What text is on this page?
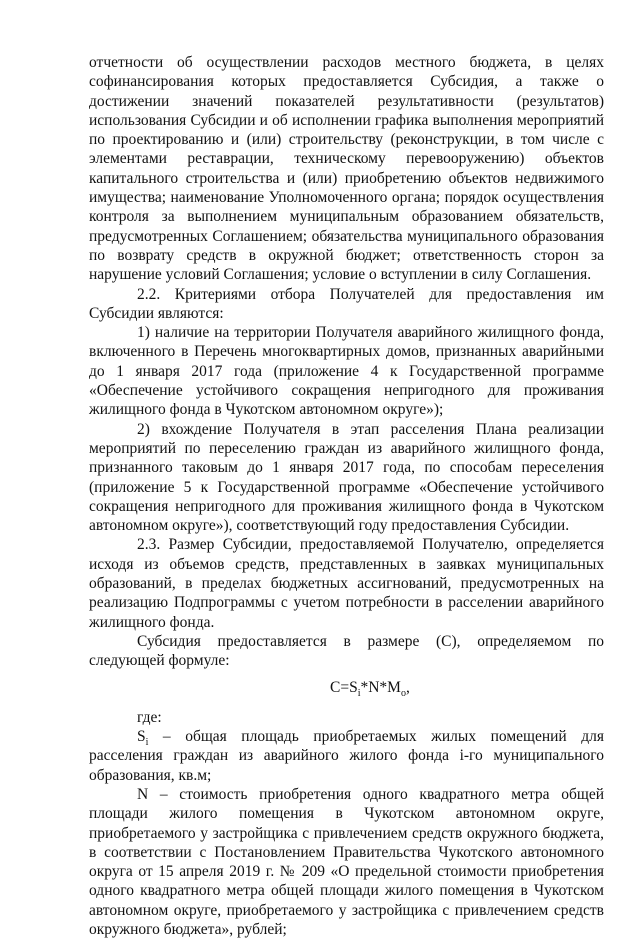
отчетности об осуществлении расходов местного бюджета, в целях софинансирования которых предоставляется Субсидия, а также о достижении значений показателей результативности (результатов) использования Субсидии и об исполнении графика выполнения мероприятий по проектированию и (или) строительству (реконструкции, в том числе с элементами реставрации, техническому перевооружению) объектов капитального строительства и (или) приобретению объектов недвижимого имущества; наименование Уполномоченного органа; порядок осуществления контроля за выполнением муниципальным образованием обязательств, предусмотренных Соглашением; обязательства муниципального образования по возврату средств в окружной бюджет; ответственность сторон за нарушение условий Соглашения; условие о вступлении в силу Соглашения.

2.2. Критериями отбора Получателей для предоставления им Субсидии являются:

1) наличие на территории Получателя аварийного жилищного фонда, включенного в Перечень многоквартирных домов, признанных аварийными до 1 января 2017 года (приложение 4 к Государственной программе «Обеспечение устойчивого сокращения непригодного для проживания жилищного фонда в Чукотском автономном округе»);

2) вхождение Получателя в этап расселения Плана реализации мероприятий по переселению граждан из аварийного жилищного фонда, признанного таковым до 1 января 2017 года, по способам переселения (приложение 5 к Государственной программе «Обеспечение устойчивого сокращения непригодного для проживания жилищного фонда в Чукотском автономном округе»), соответствующий году предоставления Субсидии.

2.3. Размер Субсидии, предоставляемой Получателю, определяется исходя из объемов средств, представленных в заявках муниципальных образований, в пределах бюджетных ассигнований, предусмотренных на реализацию Подпрограммы с учетом потребности в расселении аварийного жилищного фонда.

Субсидия предоставляется в размере (С), определяемом по следующей формуле:

$C=S_i*N*M_o$,

где:

$S_i$ – общая площадь приобретаемых жилых помещений для расселения граждан из аварийного жилого фонда i-го муниципального образования, кв.м;

N – стоимость приобретения одного квадратного метра общей площади жилого помещения в Чукотском автономном округе, приобретаемого у застройщика с привлечением средств окружного бюджета, в соответствии с Постановлением Правительства Чукотского автономного округа от 15 апреля 2019 г. № 209 «О предельной стоимости приобретения одного квадратного метра общей площади жилого помещения в Чукотском автономном округе, приобретаемого у застройщика с привлечением средств окружного бюджета», рублей;
